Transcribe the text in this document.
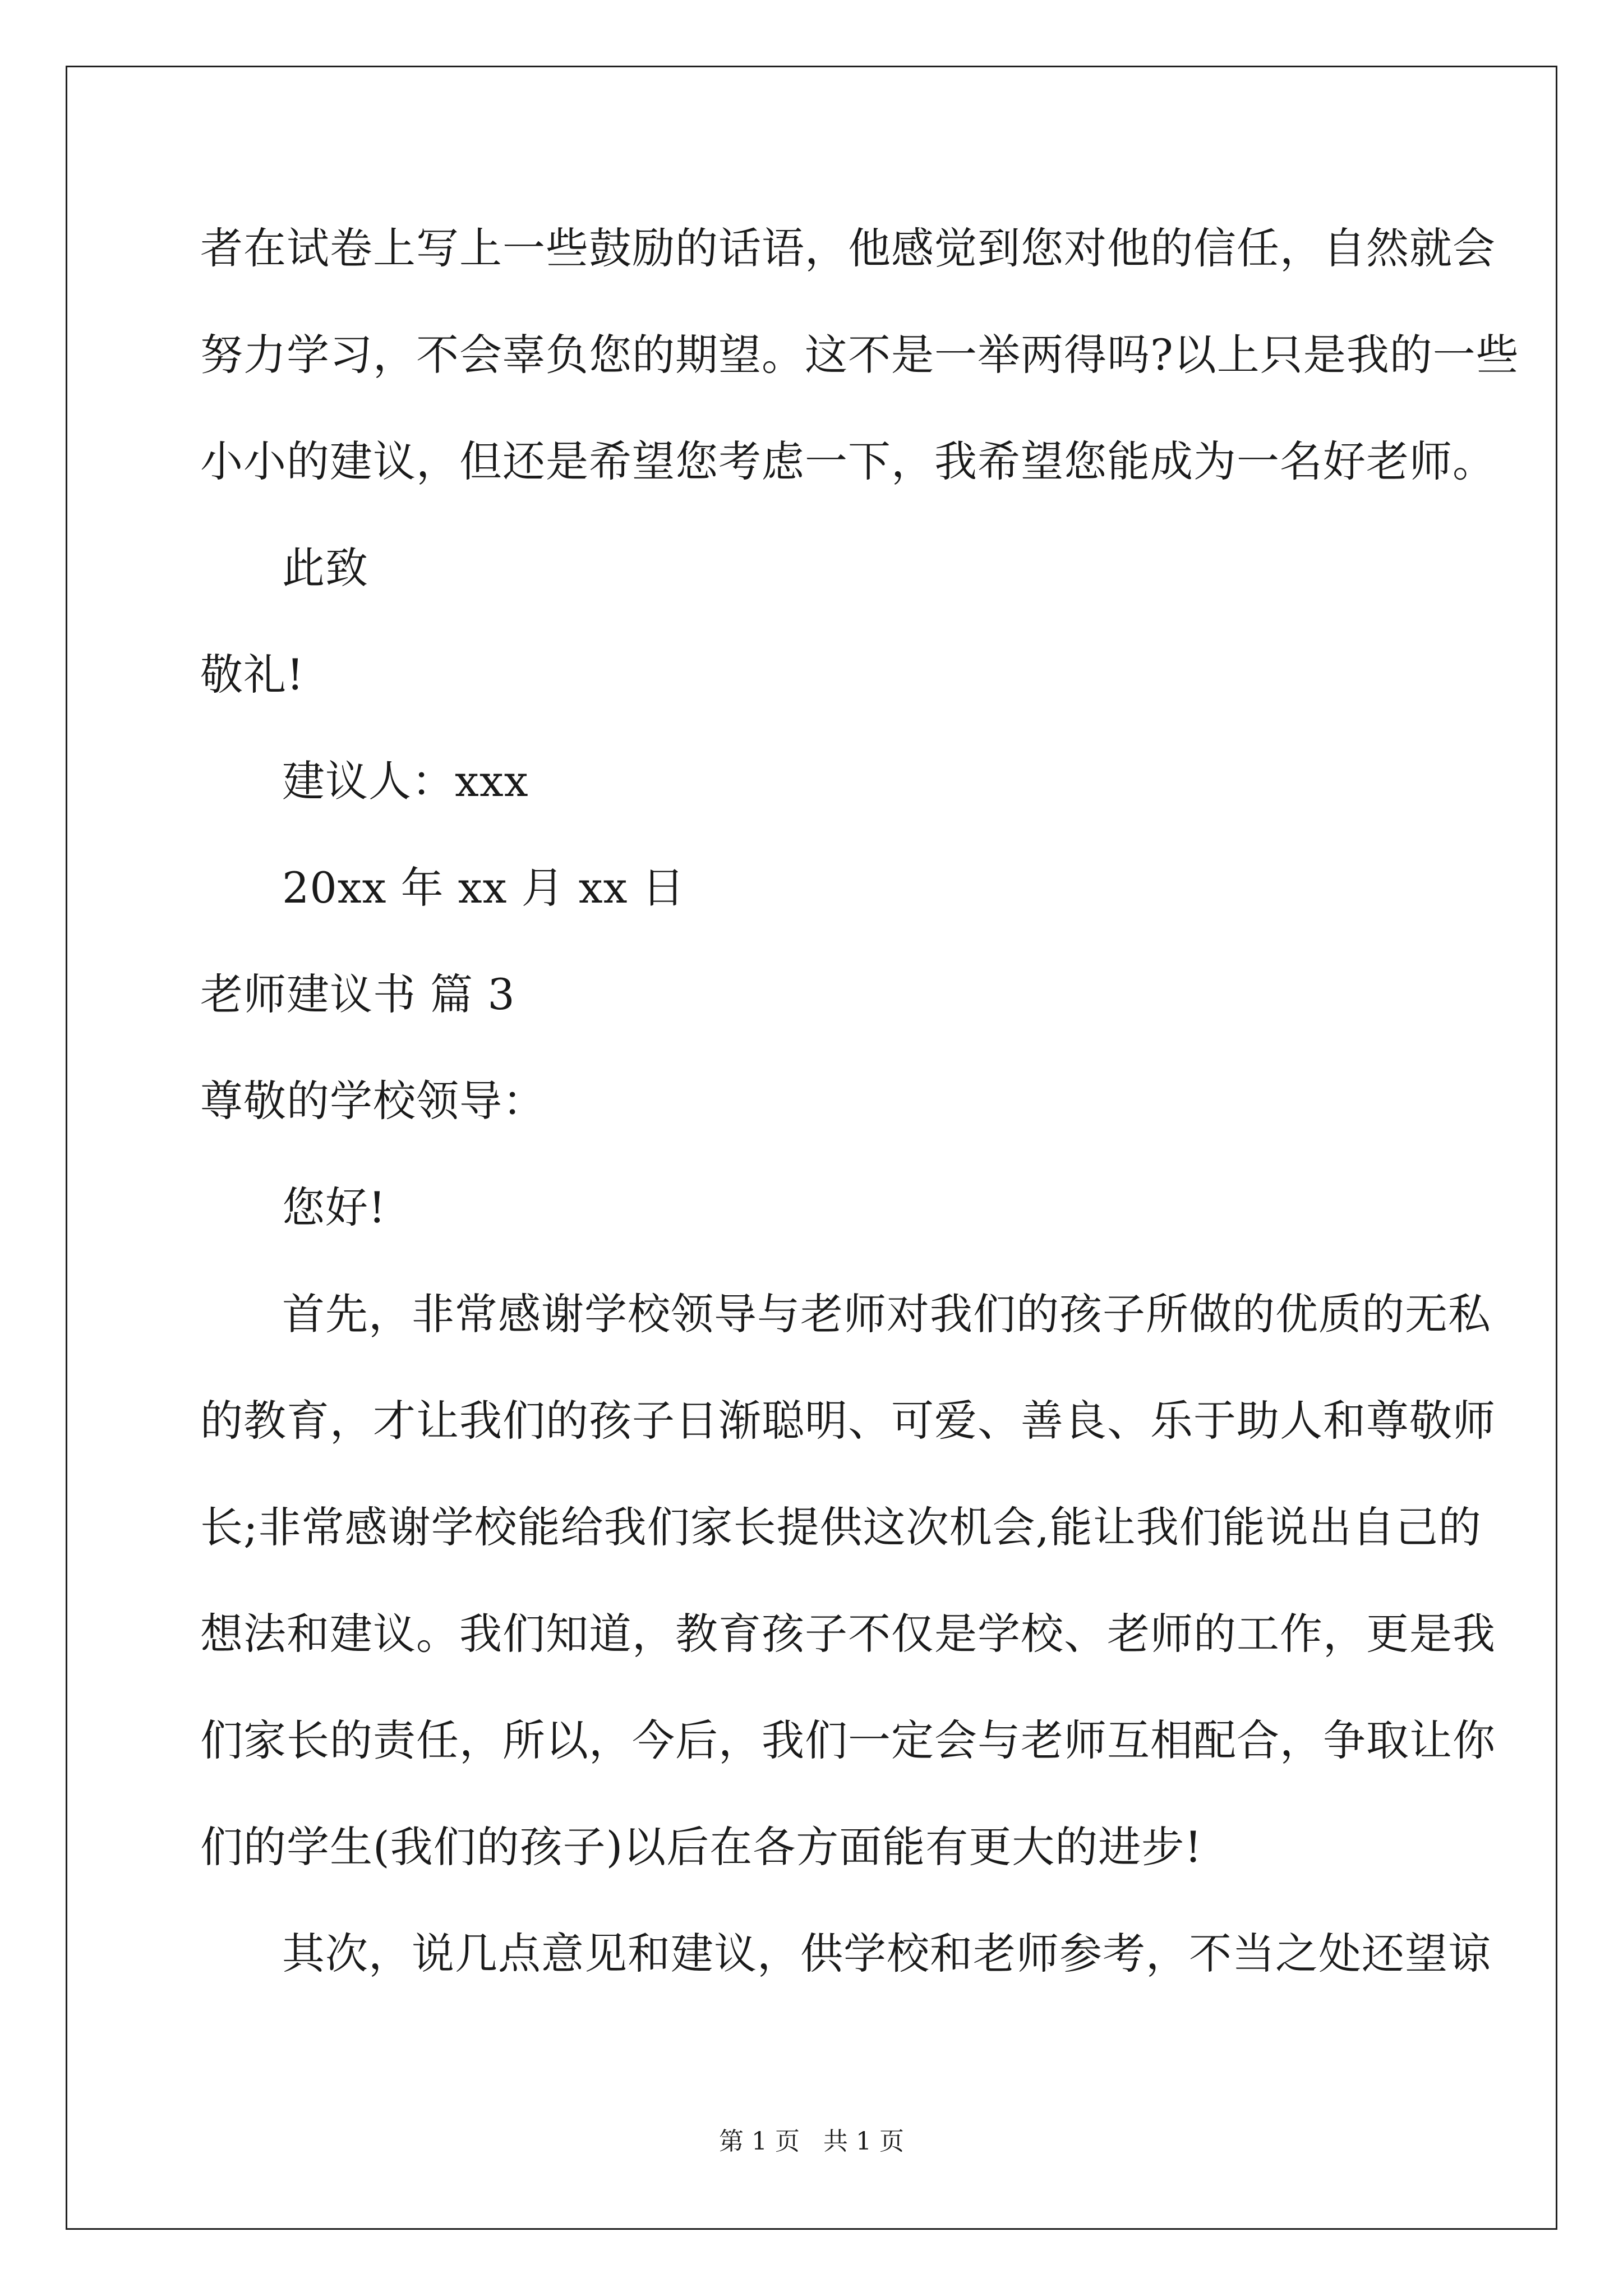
者在试卷上写上一些鼓励的话语，他感觉到您对他的信任，自然就会
努力学习，不会辜负您的期望。这不是一举两得吗?以上只是我的一些
小小的建议，但还是希望您考虑一下，我希望您能成为一名好老师。
此致
敬礼!
建议人：xxx
20xx 年 xx 月 xx 日
老师建议书 篇 3
尊敬的学校领导：
您好!
首先，非常感谢学校领导与老师对我们的孩子所做的优质的无私
的教育，才让我们的孩子日渐聪明、可爱、善良、乐于助人和尊敬师
长;非常感谢学校能给我们家长提供这次机会,能让我们能说出自己的
想法和建议。我们知道，教育孩子不仅是学校、老师的工作，更是我
们家长的责任，所以，今后，我们一定会与老师互相配合，争取让你
们的学生(我们的孩子)以后在各方面能有更大的进步!
其次，说几点意见和建议，供学校和老师参考，不当之处还望谅
第 1 页   共 1 页
